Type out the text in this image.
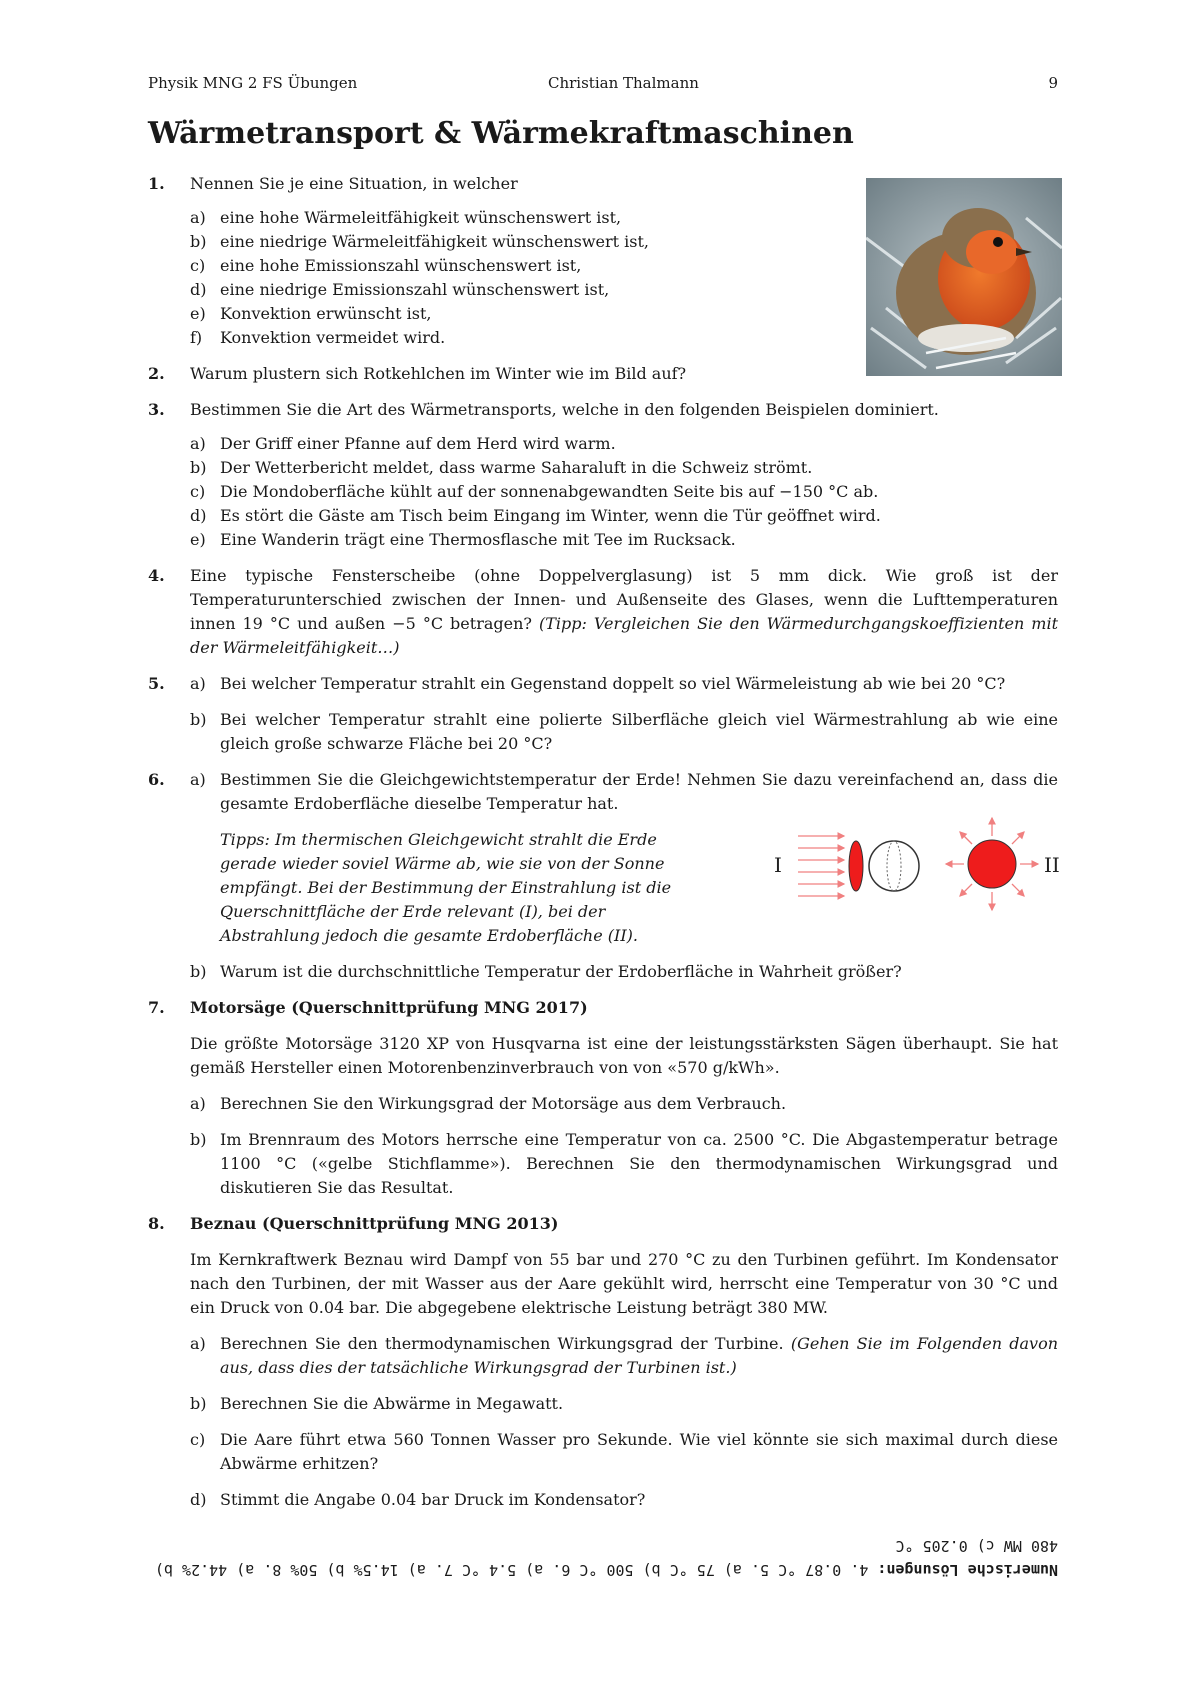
Physik MNG 2 FS Übungen	Christian Thalmann	9
Wärmetransport & Wärmekraftmaschinen
1. Nennen Sie je eine Situation, in welcher
a) eine hohe Wärmeleitfähigkeit wünschenswert ist,
b) eine niedrige Wärmeleitfähigkeit wünschenswert ist,
c) eine hohe Emissionszahl wünschenswert ist,
d) eine niedrige Emissionszahl wünschenswert ist,
e) Konvektion erwünscht ist,
f) Konvektion vermeidet wird.
2. Warum plustern sich Rotkehlchen im Winter wie im Bild auf?
3. Bestimmen Sie die Art des Wärmetransports, welche in den folgenden Beispielen dominiert.
a) Der Griff einer Pfanne auf dem Herd wird warm.
b) Der Wetterbericht meldet, dass warme Saharaluft in die Schweiz strömt.
c) Die Mondoberfläche kühlt auf der sonnenabgewandten Seite bis auf −150 °C ab.
d) Es stört die Gäste am Tisch beim Eingang im Winter, wenn die Tür geöffnet wird.
e) Eine Wanderin trägt eine Thermosflasche mit Tee im Rucksack.
4. Eine typische Fensterscheibe (ohne Doppelverglasung) ist 5 mm dick. Wie groß ist der Temperaturunterschied zwischen der Innen- und Außenseite des Glases, wenn die Lufttemperaturen innen 19 °C und außen −5 °C betragen? (Tipp: Vergleichen Sie den Wärmedurchgangskoeffizienten mit der Wärmeleitfähigkeit…)
5. a) Bei welcher Temperatur strahlt ein Gegenstand doppelt so viel Wärmeleistung ab wie bei 20 °C?
b) Bei welcher Temperatur strahlt eine polierte Silberfläche gleich viel Wärmestrahlung ab wie eine gleich große schwarze Fläche bei 20 °C?
6. a) Bestimmen Sie die Gleichgewichtstemperatur der Erde! Nehmen Sie dazu vereinfachend an, dass die gesamte Erdoberfläche dieselbe Temperatur hat.
Tipps: Im thermischen Gleichgewicht strahlt die Erde gerade wieder soviel Wärme ab, wie sie von der Sonne empfängt. Bei der Bestimmung der Einstrahlung ist die Querschnittfläche der Erde relevant (I), bei der Abstrahlung jedoch die gesamte Erdoberfläche (II).
b) Warum ist die durchschnittliche Temperatur der Erdoberfläche in Wahrheit größer?
7. Motorsäge (Querschnittprüfung MNG 2017)
Die größte Motorsäge 3120 XP von Husqvarna ist eine der leistungsstärksten Sägen überhaupt. Sie hat gemäß Hersteller einen Motorenbenzinverbrauch von von «570 g/kWh».
a) Berechnen Sie den Wirkungsgrad der Motorsäge aus dem Verbrauch.
b) Im Brennraum des Motors herrsche eine Temperatur von ca. 2500 °C. Die Abgastemperatur betrage 1100 °C («gelbe Stichflamme»). Berechnen Sie den thermodynamischen Wirkungsgrad und diskutieren Sie das Resultat.
8. Beznau (Querschnittprüfung MNG 2013)
Im Kernkraftwerk Beznau wird Dampf von 55 bar und 270 °C zu den Turbinen geführt. Im Kondensator nach den Turbinen, der mit Wasser aus der Aare gekühlt wird, herrscht eine Temperatur von 30 °C und ein Druck von 0.04 bar. Die abgegebene elektrische Leistung beträgt 380 MW.
a) Berechnen Sie den thermodynamischen Wirkungsgrad der Turbine. (Gehen Sie im Folgenden davon aus, dass dies der tatsächliche Wirkungsgrad der Turbinen ist.)
b) Berechnen Sie die Abwärme in Megawatt.
c) Die Aare führt etwa 560 Tonnen Wasser pro Sekunde. Wie viel könnte sie sich maximal durch diese Abwärme erhitzen?
d) Stimmt die Angabe 0.04 bar Druck im Kondensator?
I	II
Numerische Lösungen: 4. 0.87 °C 5. a) 75 °C b) 500 °C 6. a) 5.4 °C 7. a) 14.5% b) 50% 8. a) 44.2% b) 480 MW c) 0.205 °C
